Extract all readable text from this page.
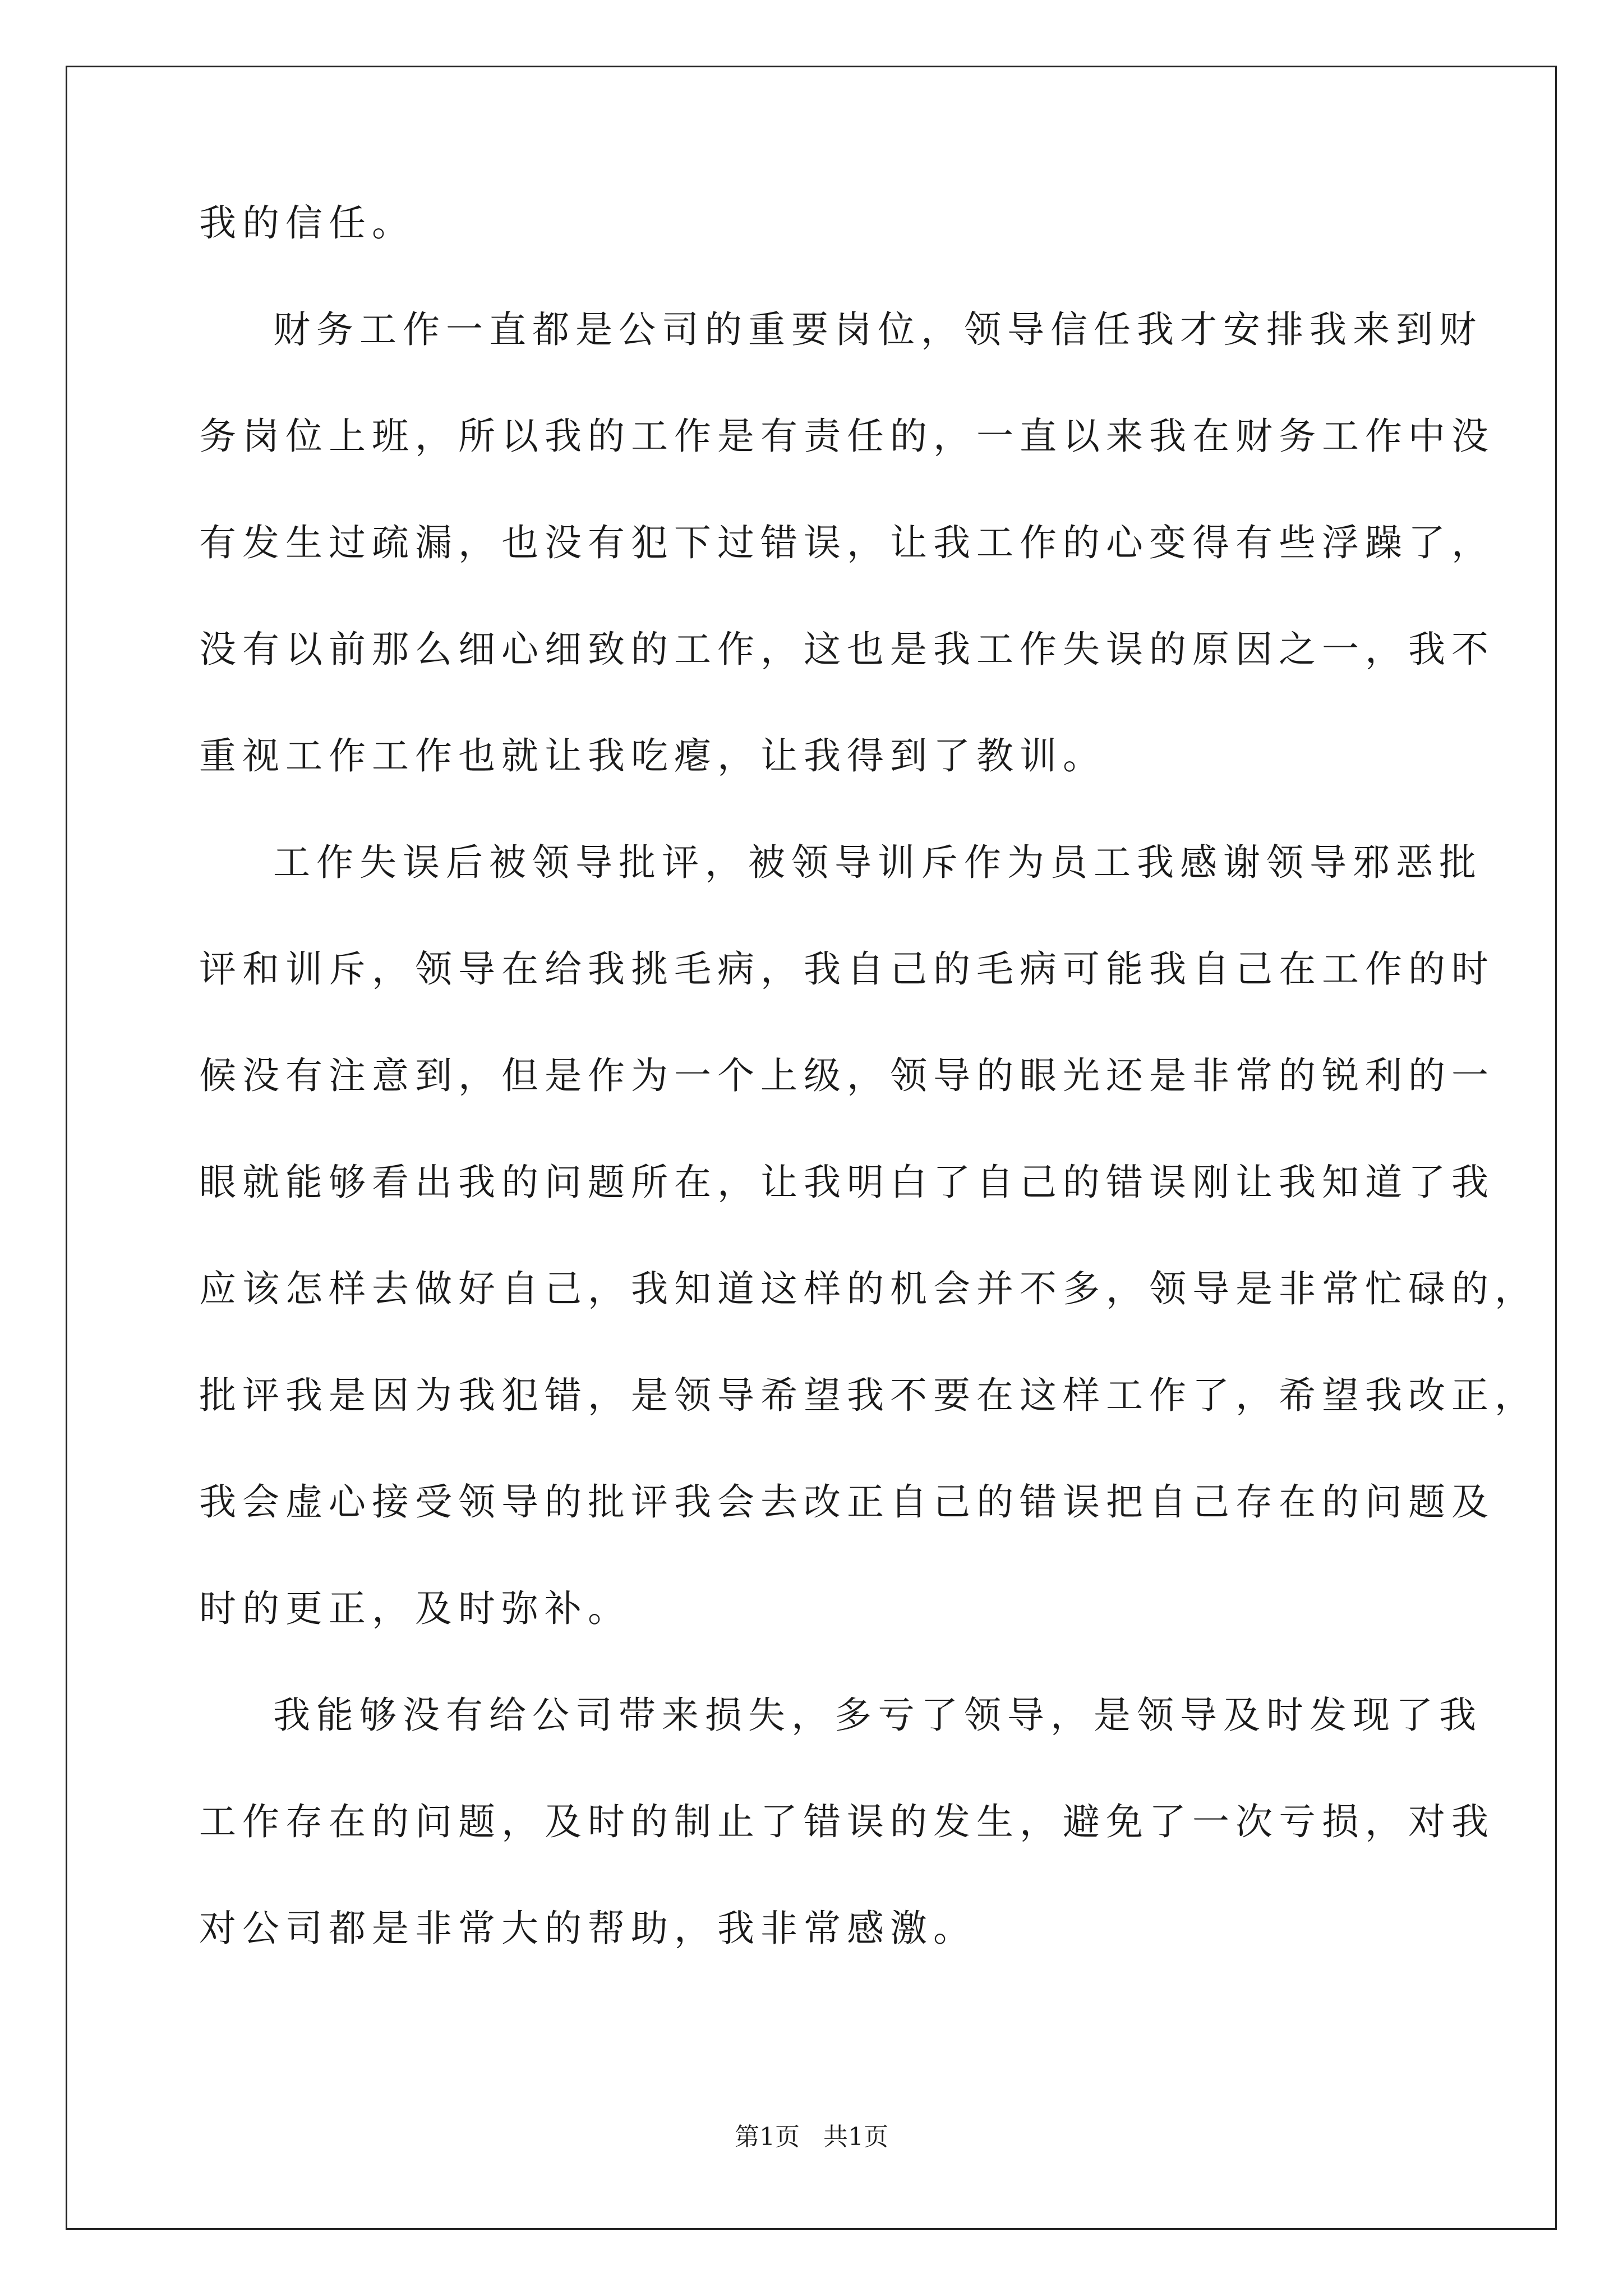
我的信任。
财务工作一直都是公司的重要岗位，领导信任我才安排我来到财
务岗位上班，所以我的工作是有责任的，一直以来我在财务工作中没
有发生过疏漏，也没有犯下过错误，让我工作的心变得有些浮躁了，
没有以前那么细心细致的工作，这也是我工作失误的原因之一，我不
重视工作工作也就让我吃瘪，让我得到了教训。
工作失误后被领导批评，被领导训斥作为员工我感谢领导邪恶批
评和训斥，领导在给我挑毛病，我自己的毛病可能我自己在工作的时
候没有注意到，但是作为一个上级，领导的眼光还是非常的锐利的一
眼就能够看出我的问题所在，让我明白了自己的错误刚让我知道了我
应该怎样去做好自己，我知道这样的机会并不多，领导是非常忙碌的，
批评我是因为我犯错，是领导希望我不要在这样工作了，希望我改正，
我会虚心接受领导的批评我会去改正自己的错误把自己存在的问题及
时的更正，及时弥补。
我能够没有给公司带来损失，多亏了领导，是领导及时发现了我
工作存在的问题，及时的制止了错误的发生，避免了一次亏损，对我
对公司都是非常大的帮助，我非常感激。
第1页   共1页
